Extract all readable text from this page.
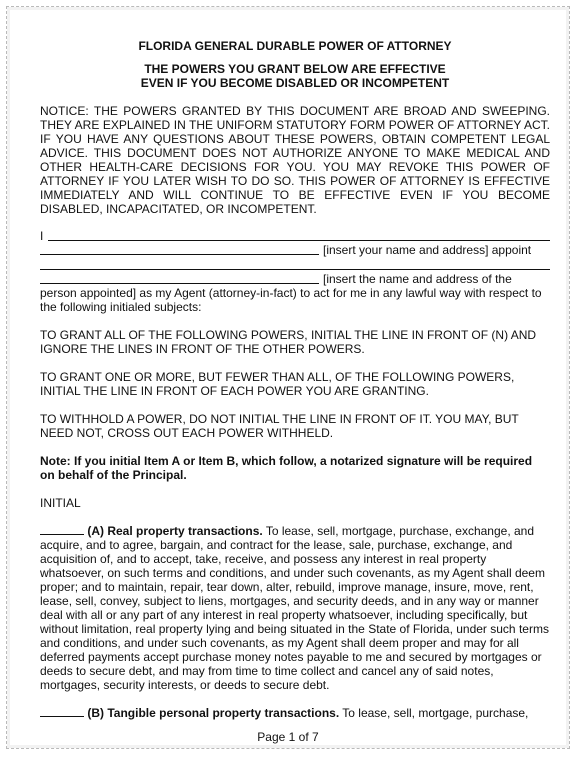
FLORIDA GENERAL DURABLE POWER OF ATTORNEY

THE POWERS YOU GRANT BELOW ARE EFFECTIVE
EVEN IF YOU BECOME DISABLED OR INCOMPETENT

NOTICE: THE POWERS GRANTED BY THIS DOCUMENT ARE BROAD AND SWEEPING. THEY ARE EXPLAINED IN THE UNIFORM STATUTORY FORM POWER OF ATTORNEY ACT. IF YOU HAVE ANY QUESTIONS ABOUT THESE POWERS, OBTAIN COMPETENT LEGAL ADVICE. THIS DOCUMENT DOES NOT AUTHORIZE ANYONE TO MAKE MEDICAL AND OTHER HEALTH-CARE DECISIONS FOR YOU. YOU MAY REVOKE THIS POWER OF ATTORNEY IF YOU LATER WISH TO DO SO. THIS POWER OF ATTORNEY IS EFFECTIVE IMMEDIATELY AND WILL CONTINUE TO BE EFFECTIVE EVEN IF YOU BECOME DISABLED, INCAPACITATED, OR INCOMPETENT.

I
[insert your name and address] appoint
[insert the name and address of the

person appointed] as my Agent (attorney-in-fact) to act for me in any lawful way with respect to the following initialed subjects:

TO GRANT ALL OF THE FOLLOWING POWERS, INITIAL THE LINE IN FRONT OF (N) AND IGNORE THE LINES IN FRONT OF THE OTHER POWERS.

TO GRANT ONE OR MORE, BUT FEWER THAN ALL, OF THE FOLLOWING POWERS, INITIAL THE LINE IN FRONT OF EACH POWER YOU ARE GRANTING.

TO WITHHOLD A POWER, DO NOT INITIAL THE LINE IN FRONT OF IT. YOU MAY, BUT NEED NOT, CROSS OUT EACH POWER WITHHELD.

Note: If you initial Item A or Item B, which follow, a notarized signature will be required on behalf of the Principal.

INITIAL

(A) Real property transactions. To lease, sell, mortgage, purchase, exchange, and acquire, and to agree, bargain, and contract for the lease, sale, purchase, exchange, and acquisition of, and to accept, take, receive, and possess any interest in real property whatsoever, on such terms and conditions, and under such covenants, as my Agent shall deem proper; and to maintain, repair, tear down, alter, rebuild, improve manage, insure, move, rent, lease, sell, convey, subject to liens, mortgages, and security deeds, and in any way or manner deal with all or any part of any interest in real property whatsoever, including specifically, but without limitation, real property lying and being situated in the State of Florida, under such terms and conditions, and under such covenants, as my Agent shall deem proper and may for all deferred payments accept purchase money notes payable to me and secured by mortgages or deeds to secure debt, and may from time to time collect and cancel any of said notes, mortgages, security interests, or deeds to secure debt.

(B) Tangible personal property transactions. To lease, sell, mortgage, purchase,

Page 1 of 7
